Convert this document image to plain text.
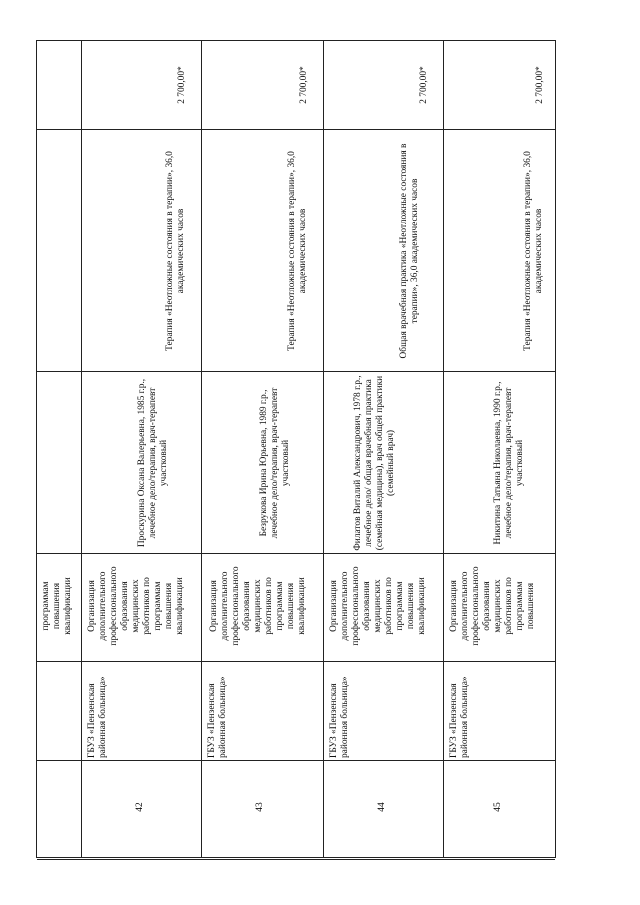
42
ГБУЗ «Пензенская районная больница»
Организация дополнительного профессионального образования медицинских работников по программам повышения квалификации
Проскурина Оксана Валерьевна, 1985 г.р., лечебное дело/терапия, врач-терапевт участковый
Терапия «Неотложные состояния в терапии», 36,0 академических часов
2 700,00*
43
ГБУЗ «Пензенская районная больница»
Организация дополнительного профессионального образования медицинских работников по программам повышения квалификации
Безрукова Ирина Юрьевна, 1989 г.р., лечебное дело/терапия, врач-терапевт участковый
Терапия «Неотложные состояния в терапии», 36,0 академических часов
2 700,00*
44
ГБУЗ «Пензенская районная больница»
Организация дополнительного профессионального образования медицинских работников по программам повышения квалификации
Филатов Виталий Александрович, 1978 г.р., лечебное дело/ общая врачебная практика (семейная медицина), врач общей практики (семейный врач)
Общая врачебная практика «Неотложные состояния в терапии», 36,0 академических часов
2 700,00*
45
ГБУЗ «Пензенская районная больница»
Организация дополнительного профессионального образования медицинских работников по программам повышения
Никитина Татьяна Николаевна, 1990 г.р., лечебное дело/терапия, врач-терапевт участковый
Терапия «Неотложные состояния в терапии», 36,0 академических часов
2 700,00*
программам повышения квалификации
